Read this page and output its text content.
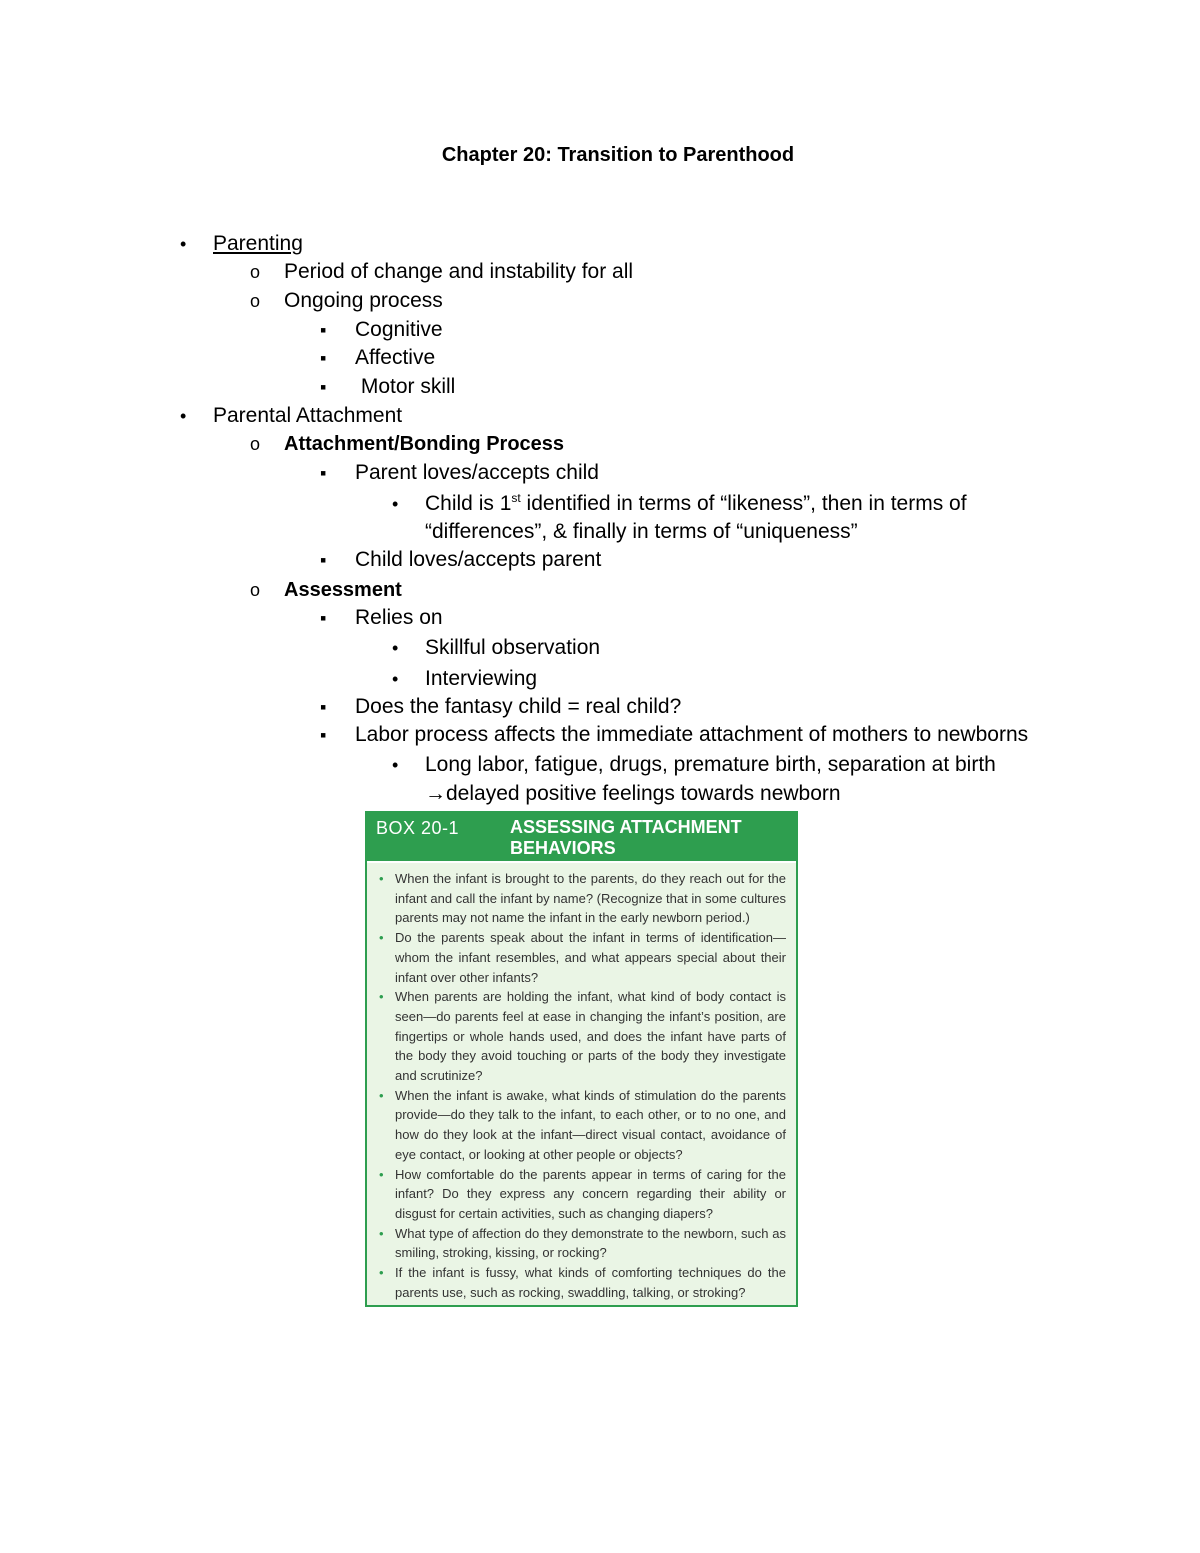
Chapter 20: Transition to Parenthood
• Parenting
o Period of change and instability for all
o Ongoing process
▪ Cognitive
▪ Affective
▪ Motor skill
• Parental Attachment
o Attachment/Bonding Process
▪ Parent loves/accepts child
• Child is 1st identified in terms of “likeness”, then in terms of
“differences”, & finally in terms of “uniqueness”
▪ Child loves/accepts parent
o Assessment
▪ Relies on
• Skillful observation
• Interviewing
▪ Does the fantasy child = real child?
▪ Labor process affects the immediate attachment of mothers to newborns
• Long labor, fatigue, drugs, premature birth, separation at birth
→delayed positive feelings towards newborn
BOX 20-1	ASSESSING ATTACHMENT BEHAVIORS
• When the infant is brought to the parents, do they reach out for the infant and call the infant by name? (Recognize that in some cultures parents may not name the infant in the early newborn period.)
• Do the parents speak about the infant in terms of identification—whom the infant resembles, and what appears special about their infant over other infants?
• When parents are holding the infant, what kind of body contact is seen—do parents feel at ease in changing the infant’s position, are fingertips or whole hands used, and does the infant have parts of the body they avoid touching or parts of the body they investigate and scrutinize?
• When the infant is awake, what kinds of stimulation do the parents provide—do they talk to the infant, to each other, or to no one, and how do they look at the infant—direct visual contact, avoidance of eye contact, or looking at other people or objects?
• How comfortable do the parents appear in terms of caring for the infant? Do they express any concern regarding their ability or disgust for certain activities, such as changing diapers?
• What type of affection do they demonstrate to the newborn, such as smiling, stroking, kissing, or rocking?
• If the infant is fussy, what kinds of comforting techniques do the parents use, such as rocking, swaddling, talking, or stroking?
